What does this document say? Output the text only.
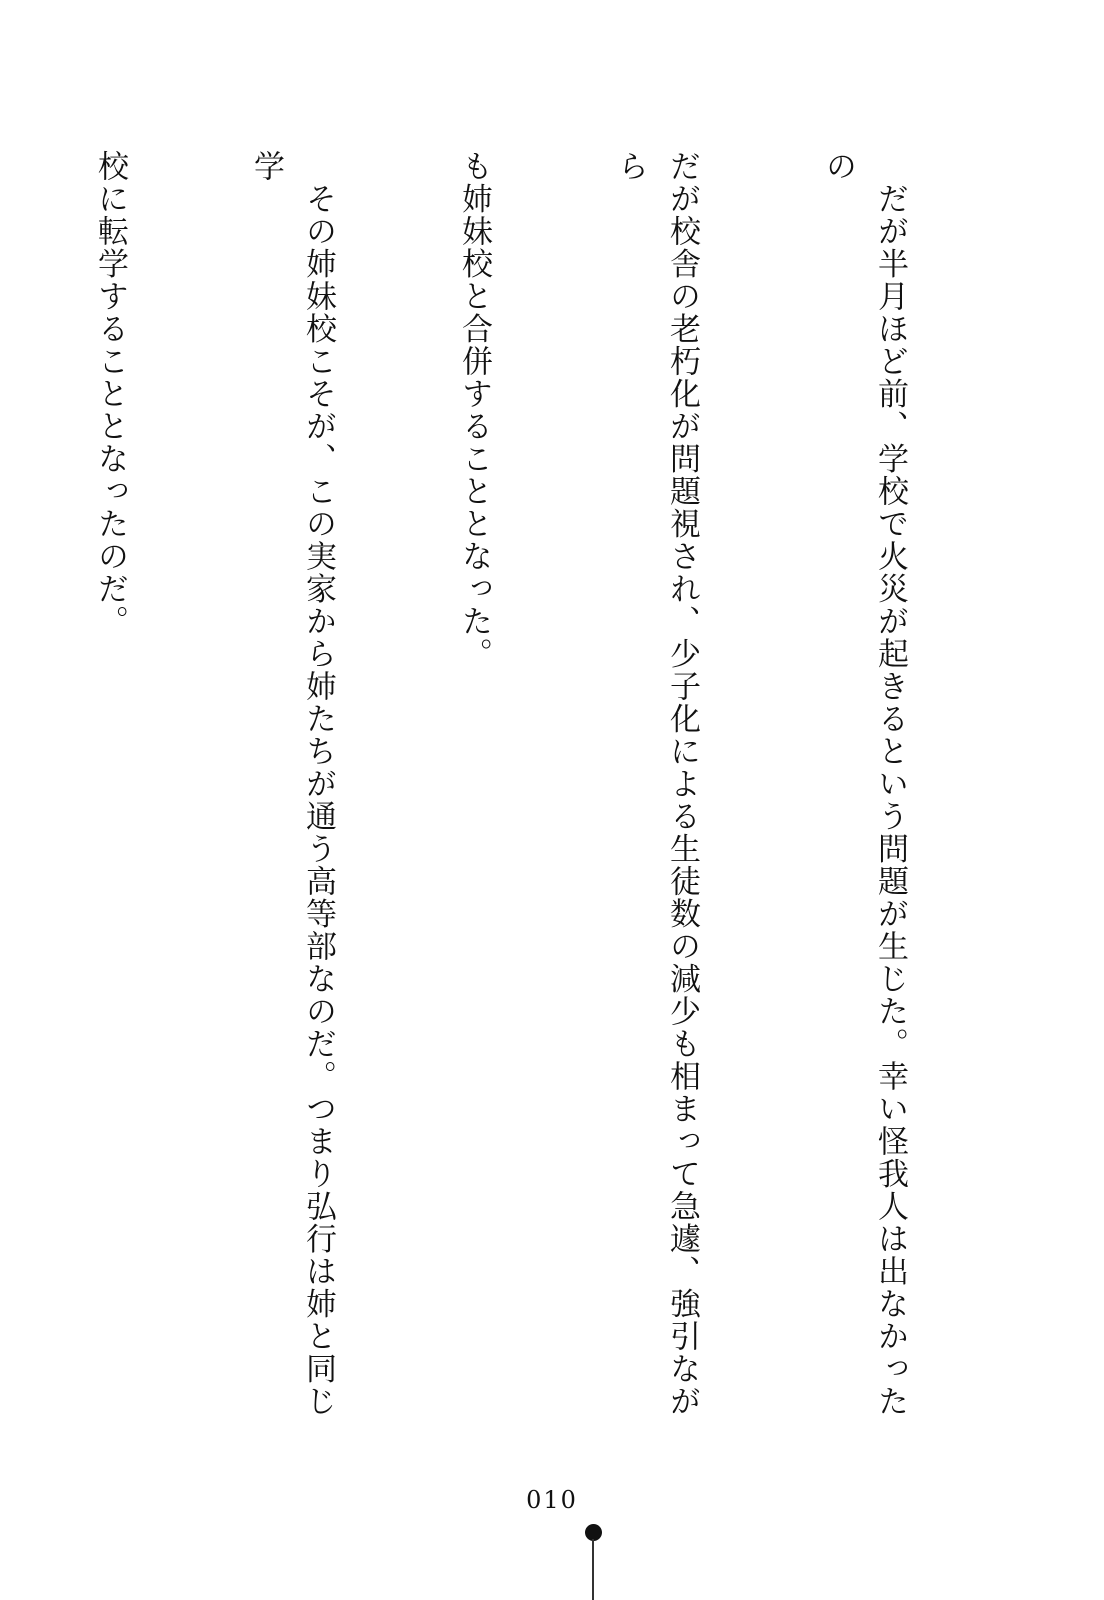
　だが半月ほど前、学校で火災が起きるという問題が生じた。幸い怪我人は出なかったの

だが校舎の老朽化が問題視され、少子化による生徒数の減少も相まって急遽、強引ながら

も姉妹校と合併することとなった。

　その姉妹校こそが、この実家から姉たちが通う高等部なのだ。つまり弘行は姉と同じ学

校に転学することとなったのだ。

010
